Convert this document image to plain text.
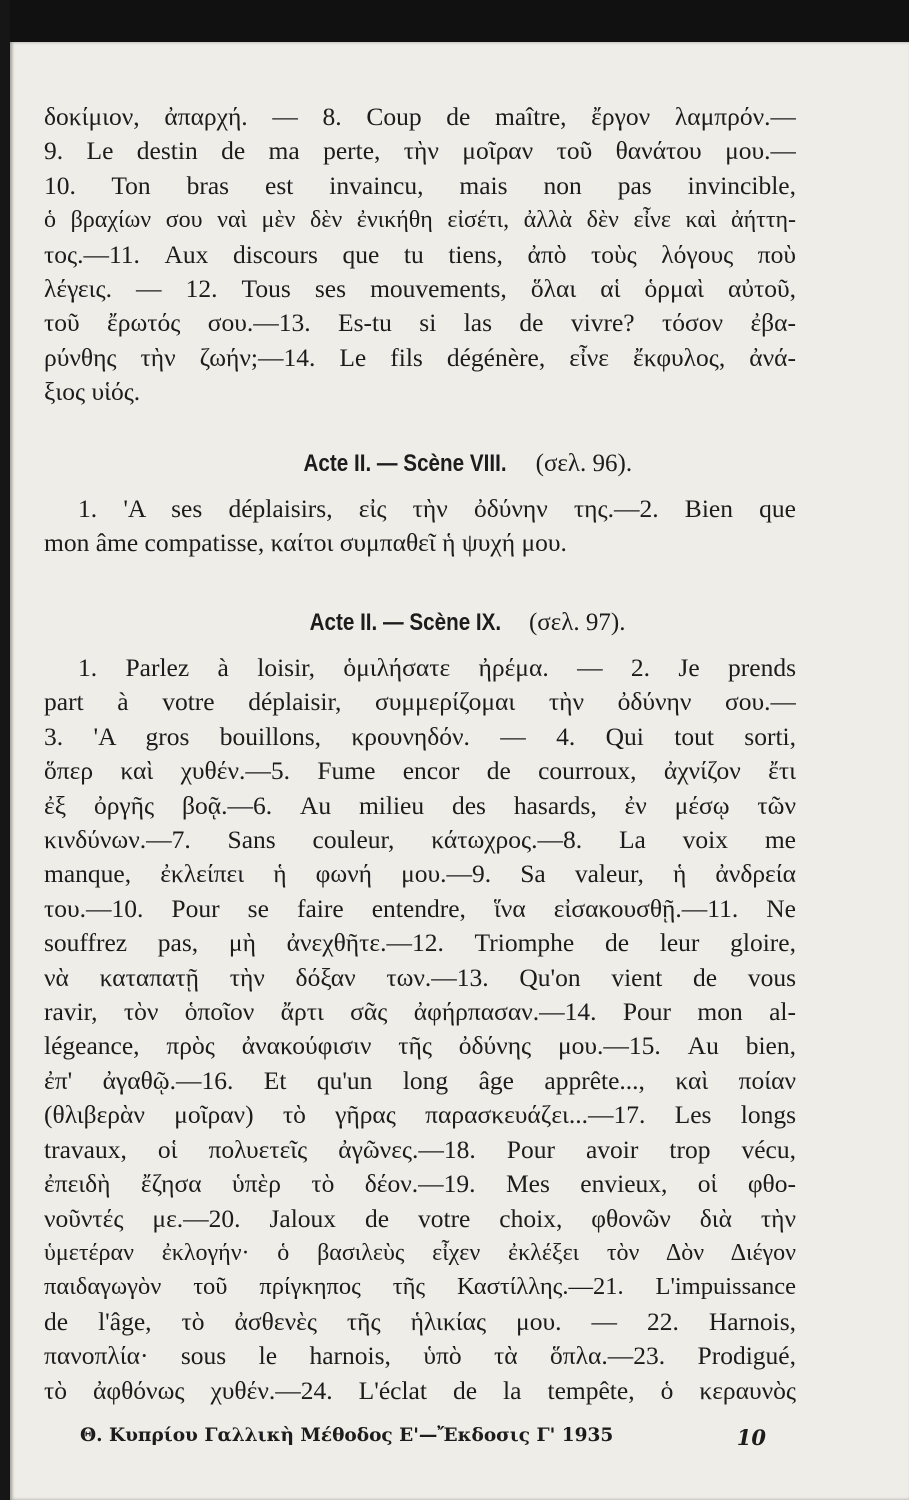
δοκίμιον, ἀπαρχή. — 8. Coup de maître, ἔργον λαμπρόν.—
9. Le destin de ma perte, τὴν μοῖραν τοῦ θανάτου μου.—
10. Ton bras est invaincu, mais non pas invincible,
ὁ βραχίων σου ναὶ μὲν δὲν ἐνικήθη εἰσέτι, ἀλλὰ δὲν εἶνε καὶ ἀήττη-
τος.—11. Aux discours que tu tiens, ἀπὸ τοὺς λόγους ποὺ
λέγεις. — 12. Tous ses mouvements, ὅλαι αἱ ὁρμαὶ αὐτοῦ,
τοῦ ἔρωτός σου.—13. Es-tu si las de vivre? τόσον ἐβα-
ρύνθης τὴν ζωήν;—14. Le fils dégénère, εἶνε ἔκφυλος, ἀνά-
ξιος υἱός.
Acte II. — Scène VIII. (σελ. 96).
1. 'A ses déplaisirs, εἰς τὴν ὀδύνην της.—2. Bien que
mon âme compatisse, καίτοι συμπαθεῖ ἡ ψυχή μου.
Acte II. — Scène IX. (σελ. 97).
1. Parlez à loisir, ὁμιλήσατε ἠρέμα. — 2. Je prends
part à votre déplaisir, συμμερίζομαι τὴν ὀδύνην σου.—
3. 'A gros bouillons, κρουνηδόν. — 4. Qui tout sorti,
ὅπερ καὶ χυθέν.—5. Fume encor de courroux, ἀχνίζον ἔτι
ἐξ ὀργῆς βοᾷ.—6. Au milieu des hasards, ἐν μέσῳ τῶν
κινδύνων.—7. Sans couleur, κάτωχρος.—8. La voix me
manque, ἐκλείπει ἡ φωνή μου.—9. Sa valeur, ἡ ἀνδρεία
του.—10. Pour se faire entendre, ἵνα εἰσακουσθῇ.—11. Ne
souffrez pas, μὴ ἀνεχθῆτε.—12. Triomphe de leur gloire,
νὰ καταπατῇ τὴν δόξαν των.—13. Qu'on vient de vous
ravir, τὸν ὁποῖον ἄρτι σᾶς ἀφήρπασαν.—14. Pour mon al-
légeance, πρὸς ἀνακούφισιν τῆς ὀδύνης μου.—15. Au bien,
ἐπ' ἀγαθῷ.—16. Et qu'un long âge apprête..., καὶ ποίαν
(θλιβερὰν μοῖραν) τὸ γῆρας παρασκευάζει...—17. Les longs
travaux, οἱ πολυετεῖς ἀγῶνες.—18. Pour avoir trop vécu,
ἐπειδὴ ἔζησα ὑπὲρ τὸ δέον.—19. Mes envieux, οἱ φθο-
νοῦντές με.—20. Jaloux de votre choix, φθονῶν διὰ τὴν
ὑμετέραν ἐκλογήν· ὁ βασιλεὺς εἶχεν ἐκλέξει τὸν Δὸν Διέγον
παιδαγωγὸν τοῦ πρίγκηπος τῆς Καστίλλης.—21. L'impuissance
de l'âge, τὸ ἀσθενὲς τῆς ἡλικίας μου. — 22. Harnois,
πανοπλία· sous le harnois, ὑπὸ τὰ ὅπλα.—23. Prodigué,
τὸ ἀφθόνως χυθέν.—24. L'éclat de la tempête, ὁ κεραυνὸς
Θ. Κυπρίου Γαλλικὴ Μέθοδος Ε'—Ἔκδοσις Γ' 1935	10
